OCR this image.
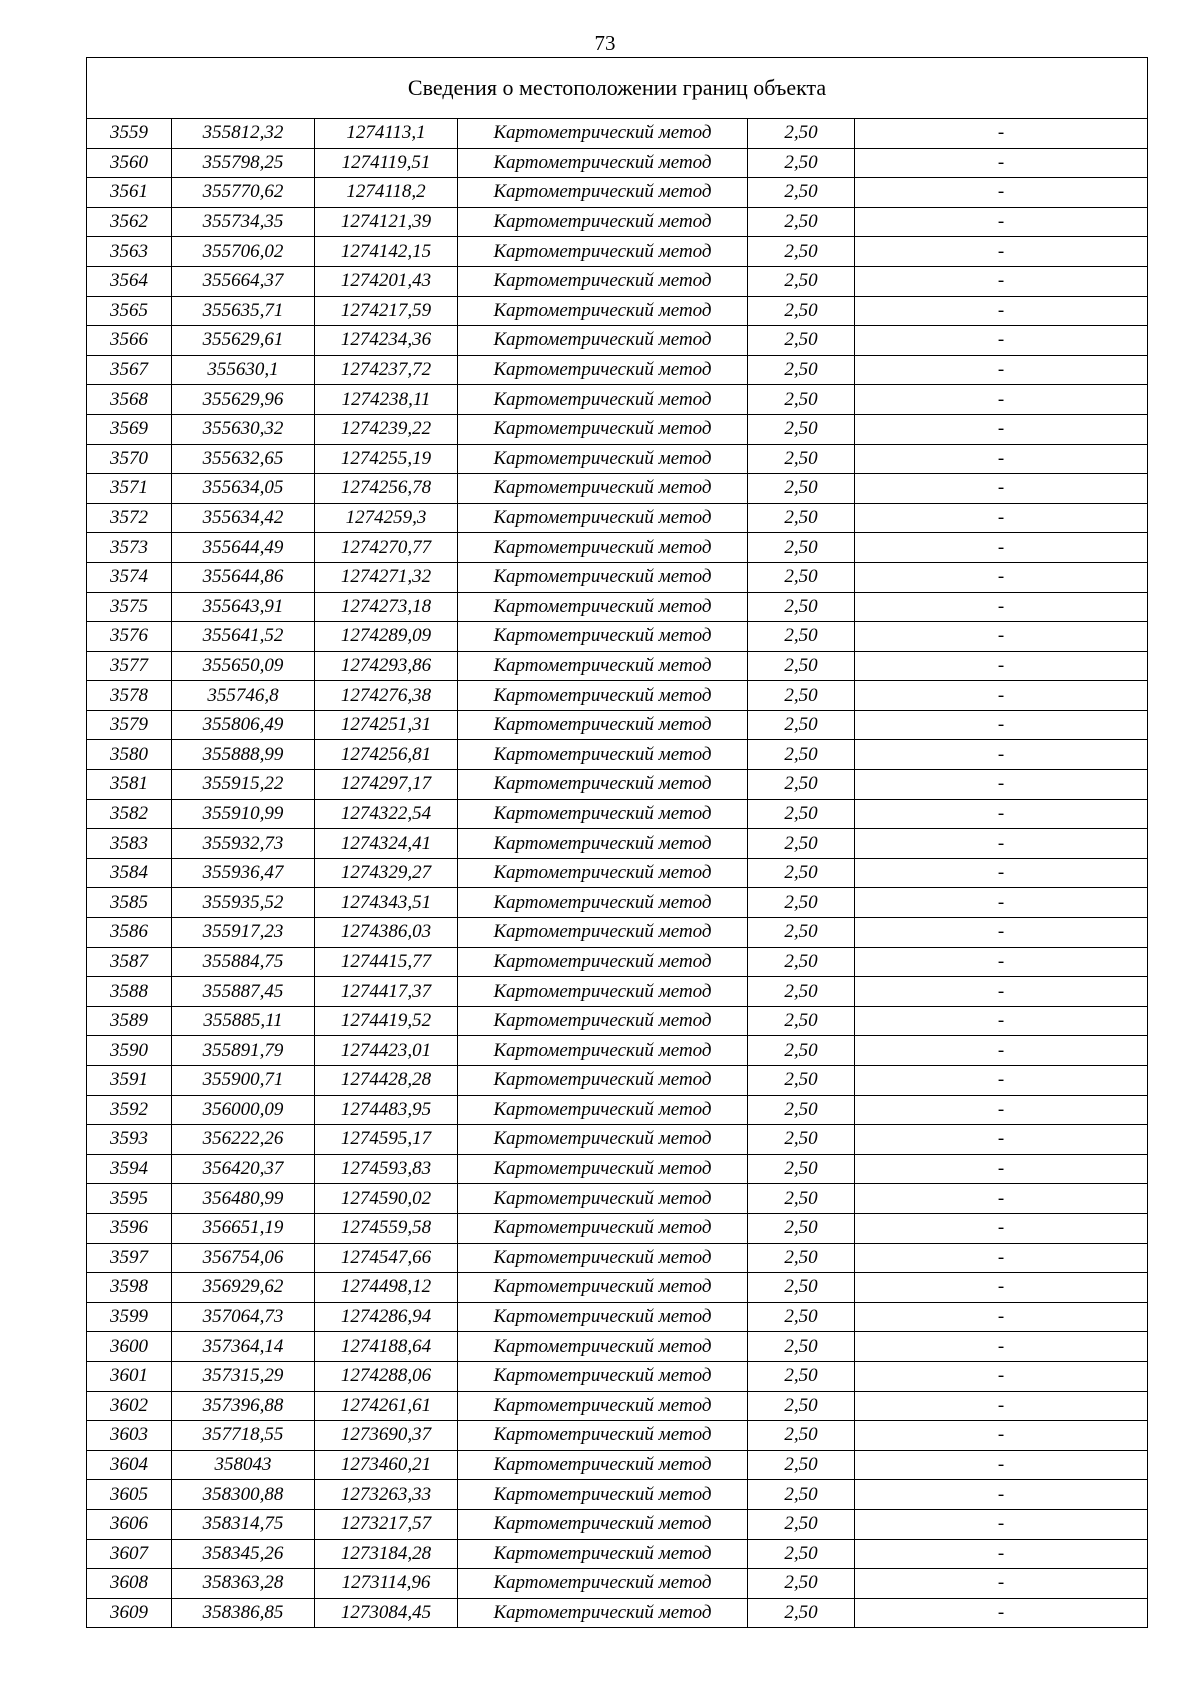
73
Сведения о местоположении границ объекта					
3559	355812,32	1274113,1	Картометрический метод	2,50	-
3560	355798,25	1274119,51	Картометрический метод	2,50	-
3561	355770,62	1274118,2	Картометрический метод	2,50	-
3562	355734,35	1274121,39	Картометрический метод	2,50	-
3563	355706,02	1274142,15	Картометрический метод	2,50	-
3564	355664,37	1274201,43	Картометрический метод	2,50	-
3565	355635,71	1274217,59	Картометрический метод	2,50	-
3566	355629,61	1274234,36	Картометрический метод	2,50	-
3567	355630,1	1274237,72	Картометрический метод	2,50	-
3568	355629,96	1274238,11	Картометрический метод	2,50	-
3569	355630,32	1274239,22	Картометрический метод	2,50	-
3570	355632,65	1274255,19	Картометрический метод	2,50	-
3571	355634,05	1274256,78	Картометрический метод	2,50	-
3572	355634,42	1274259,3	Картометрический метод	2,50	-
3573	355644,49	1274270,77	Картометрический метод	2,50	-
3574	355644,86	1274271,32	Картометрический метод	2,50	-
3575	355643,91	1274273,18	Картометрический метод	2,50	-
3576	355641,52	1274289,09	Картометрический метод	2,50	-
3577	355650,09	1274293,86	Картометрический метод	2,50	-
3578	355746,8	1274276,38	Картометрический метод	2,50	-
3579	355806,49	1274251,31	Картометрический метод	2,50	-
3580	355888,99	1274256,81	Картометрический метод	2,50	-
3581	355915,22	1274297,17	Картометрический метод	2,50	-
3582	355910,99	1274322,54	Картометрический метод	2,50	-
3583	355932,73	1274324,41	Картометрический метод	2,50	-
3584	355936,47	1274329,27	Картометрический метод	2,50	-
3585	355935,52	1274343,51	Картометрический метод	2,50	-
3586	355917,23	1274386,03	Картометрический метод	2,50	-
3587	355884,75	1274415,77	Картометрический метод	2,50	-
3588	355887,45	1274417,37	Картометрический метод	2,50	-
3589	355885,11	1274419,52	Картометрический метод	2,50	-
3590	355891,79	1274423,01	Картометрический метод	2,50	-
3591	355900,71	1274428,28	Картометрический метод	2,50	-
3592	356000,09	1274483,95	Картометрический метод	2,50	-
3593	356222,26	1274595,17	Картометрический метод	2,50	-
3594	356420,37	1274593,83	Картометрический метод	2,50	-
3595	356480,99	1274590,02	Картометрический метод	2,50	-
3596	356651,19	1274559,58	Картометрический метод	2,50	-
3597	356754,06	1274547,66	Картометрический метод	2,50	-
3598	356929,62	1274498,12	Картометрический метод	2,50	-
3599	357064,73	1274286,94	Картометрический метод	2,50	-
3600	357364,14	1274188,64	Картометрический метод	2,50	-
3601	357315,29	1274288,06	Картометрический метод	2,50	-
3602	357396,88	1274261,61	Картометрический метод	2,50	-
3603	357718,55	1273690,37	Картометрический метод	2,50	-
3604	358043	1273460,21	Картометрический метод	2,50	-
3605	358300,88	1273263,33	Картометрический метод	2,50	-
3606	358314,75	1273217,57	Картометрический метод	2,50	-
3607	358345,26	1273184,28	Картометрический метод	2,50	-
3608	358363,28	1273114,96	Картометрический метод	2,50	-
3609	358386,85	1273084,45	Картометрический метод	2,50	-
